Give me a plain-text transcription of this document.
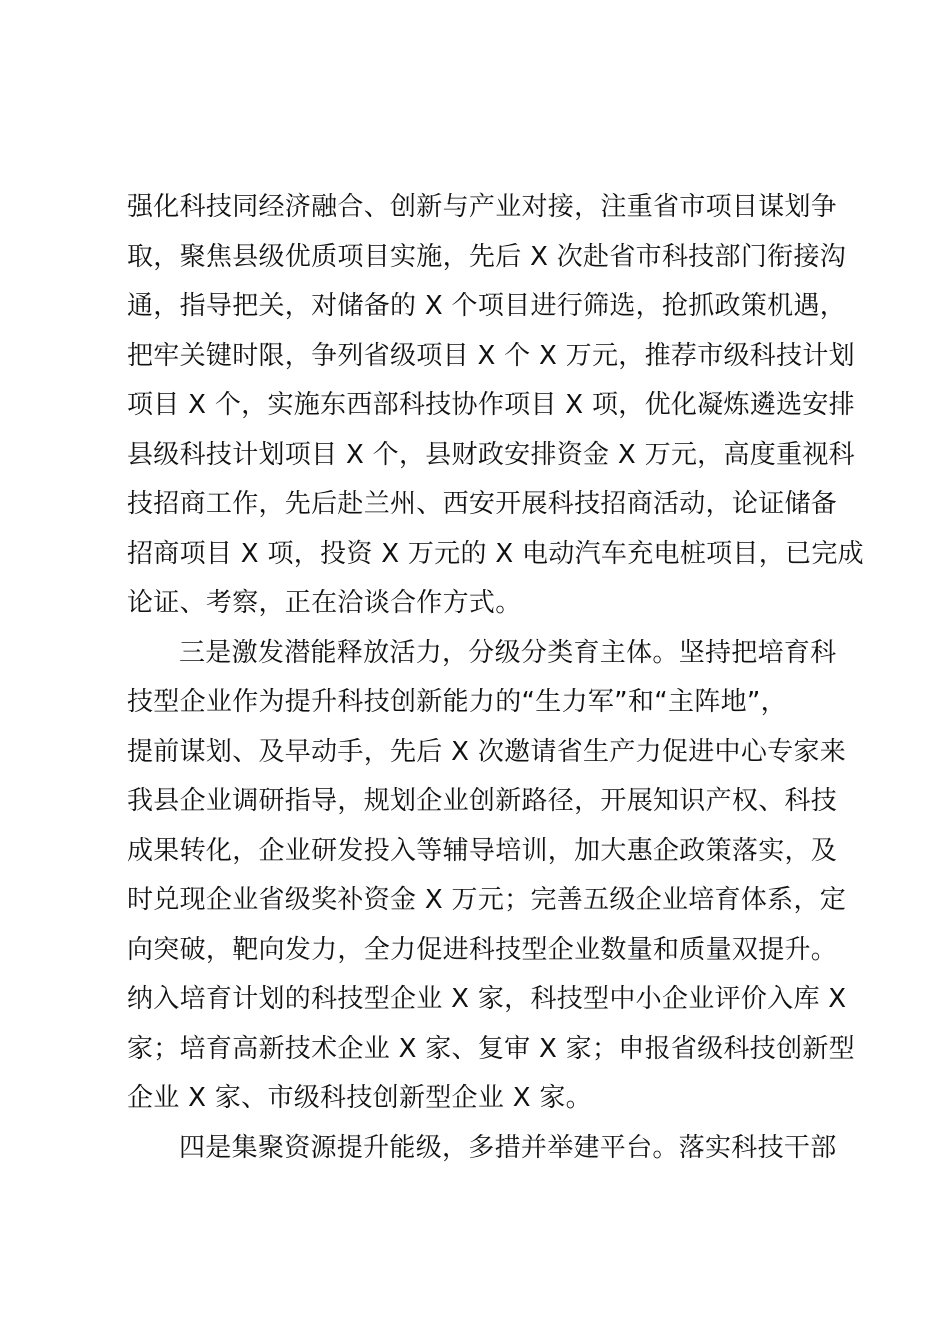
强化科技同经济融合、创新与产业对接，注重省市项目谋划争
取，聚焦县级优质项目实施，先后 X 次赴省市科技部门衔接沟
通，指导把关，对储备的 X 个项目进行筛选，抢抓政策机遇，
把牢关键时限，争列省级项目 X 个 X 万元，推荐市级科技计划
项目 X 个，实施东西部科技协作项目 X 项，优化凝炼遴选安排
县级科技计划项目 X 个，县财政安排资金 X 万元，高度重视科
技招商工作，先后赴兰州、西安开展科技招商活动，论证储备
招商项目 X 项，投资 X 万元的 X 电动汽车充电桩项目，已完成
论证、考察，正在洽谈合作方式。
三是激发潜能释放活力，分级分类育主体。坚持把培育科
技型企业作为提升科技创新能力的“生力军”和“主阵地”，
提前谋划、及早动手，先后 X 次邀请省生产力促进中心专家来
我县企业调研指导，规划企业创新路径，开展知识产权、科技
成果转化，企业研发投入等辅导培训，加大惠企政策落实，及
时兑现企业省级奖补资金 X 万元；完善五级企业培育体系，定
向突破，靶向发力，全力促进科技型企业数量和质量双提升。
纳入培育计划的科技型企业 X 家，科技型中小企业评价入库 X
家；培育高新技术企业 X 家、复审 X 家；申报省级科技创新型
企业 X 家、市级科技创新型企业 X 家。
四是集聚资源提升能级，多措并举建平台。落实科技干部
